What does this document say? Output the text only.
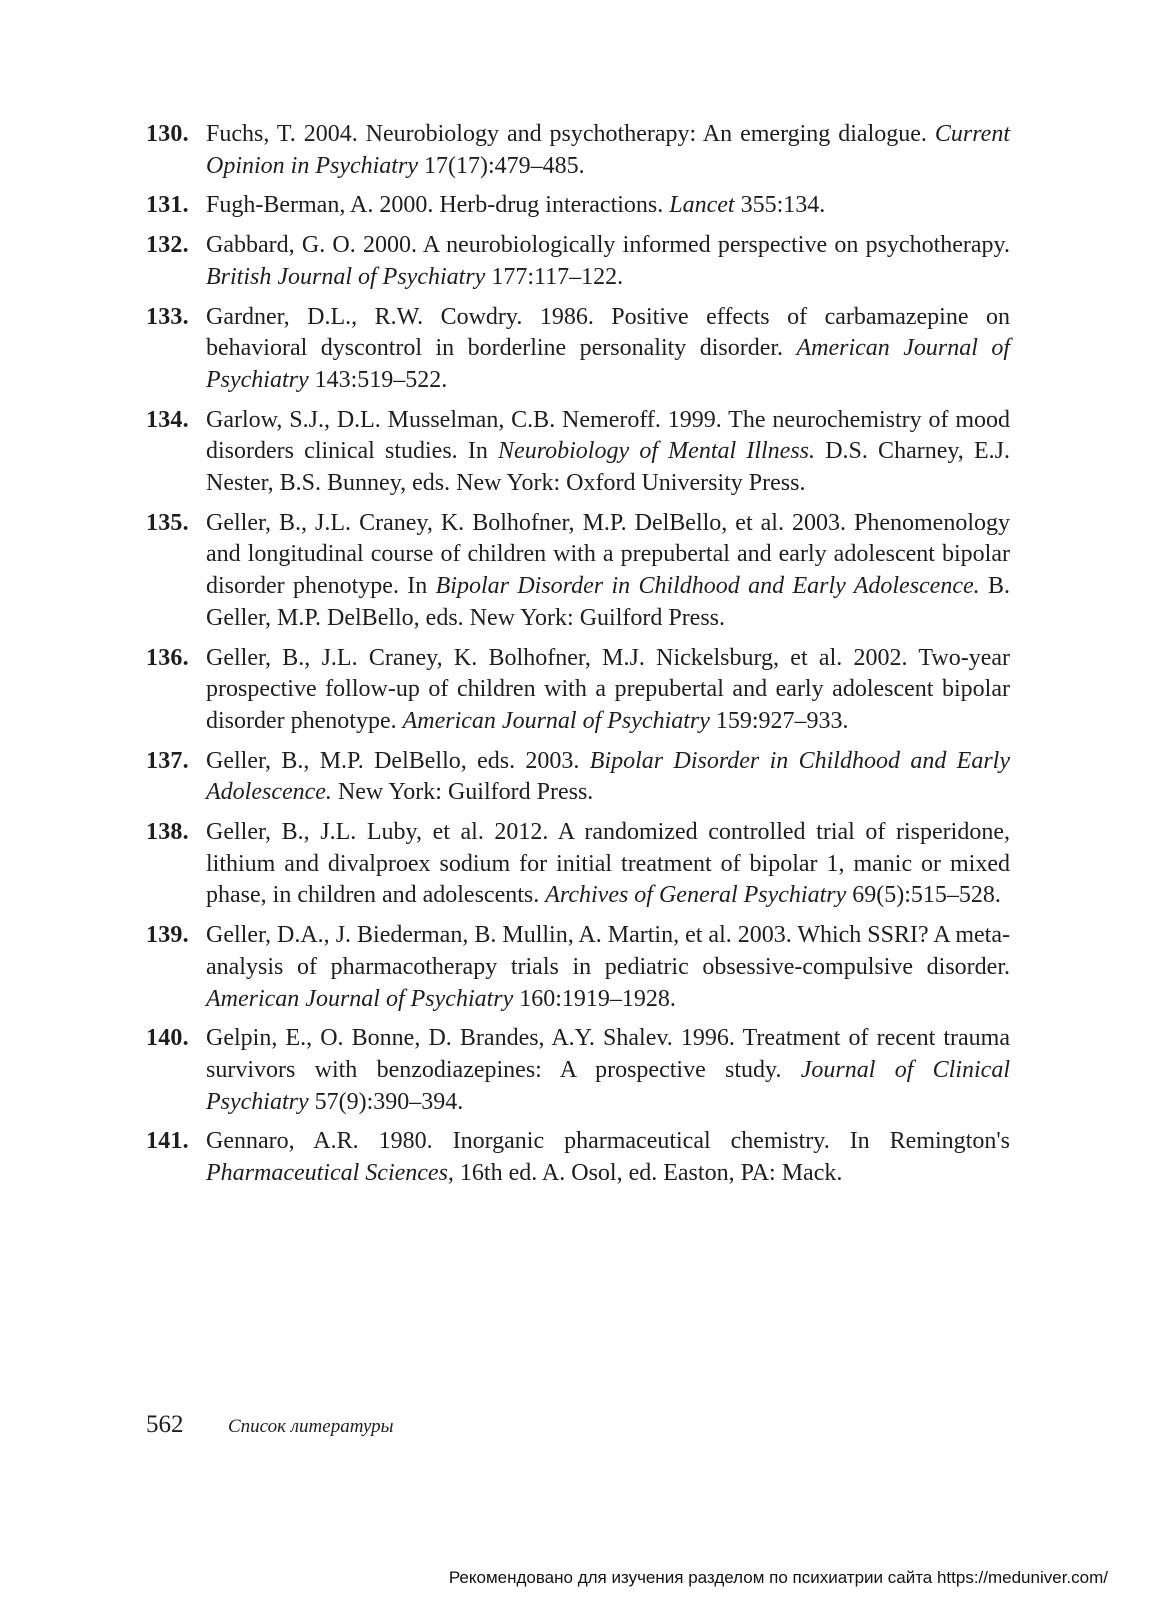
130. Fuchs, T. 2004. Neurobiology and psychotherapy: An emerging dialogue. Current Opinion in Psychiatry 17(17):479–485.
131. Fugh-Berman, A. 2000. Herb-drug interactions. Lancet 355:134.
132. Gabbard, G. O. 2000. A neurobiologically informed perspective on psychotherapy. British Journal of Psychiatry 177:117–122.
133. Gardner, D.L., R.W. Cowdry. 1986. Positive effects of carbamazepine on behavioral dyscontrol in borderline personality disorder. American Journal of Psychiatry 143:519–522.
134. Garlow, S.J., D.L. Musselman, C.B. Nemeroff. 1999. The neurochemistry of mood disorders clinical studies. In Neurobiology of Mental Illness. D.S. Charney, E.J. Nester, B.S. Bunney, eds. New York: Oxford University Press.
135. Geller, B., J.L. Craney, K. Bolhofner, M.P. DelBello, et al. 2003. Phenomenology and longitudinal course of children with a prepubertal and early adolescent bipolar disorder phenotype. In Bipolar Disorder in Childhood and Early Adolescence. B. Geller, M.P. DelBello, eds. New York: Guilford Press.
136. Geller, B., J.L. Craney, K. Bolhofner, M.J. Nickelsburg, et al. 2002. Two-year prospective follow-up of children with a prepubertal and early adolescent bipolar disorder phenotype. American Journal of Psychiatry 159:927–933.
137. Geller, B., M.P. DelBello, eds. 2003. Bipolar Disorder in Childhood and Early Adolescence. New York: Guilford Press.
138. Geller, B., J.L. Luby, et al. 2012. A randomized controlled trial of risperidone, lithium and divalproex sodium for initial treatment of bipolar 1, manic or mixed phase, in children and adolescents. Archives of General Psychiatry 69(5):515–528.
139. Geller, D.A., J. Biederman, B. Mullin, A. Martin, et al. 2003. Which SSRI? A meta-analysis of pharmacotherapy trials in pediatric obsessive-compulsive disorder. American Journal of Psychiatry 160:1919–1928.
140. Gelpin, E., O. Bonne, D. Brandes, A.Y. Shalev. 1996. Treatment of recent trauma survivors with benzodiazepines: A prospective study. Journal of Clinical Psychiatry 57(9):390–394.
141. Gennaro, A.R. 1980. Inorganic pharmaceutical chemistry. In Remington's Pharmaceutical Sciences, 16th ed. A. Osol, ed. Easton, PA: Mack.
562	Список литературы
Рекомендовано для изучения разделом по психиатрии сайта https://meduniver.com/
